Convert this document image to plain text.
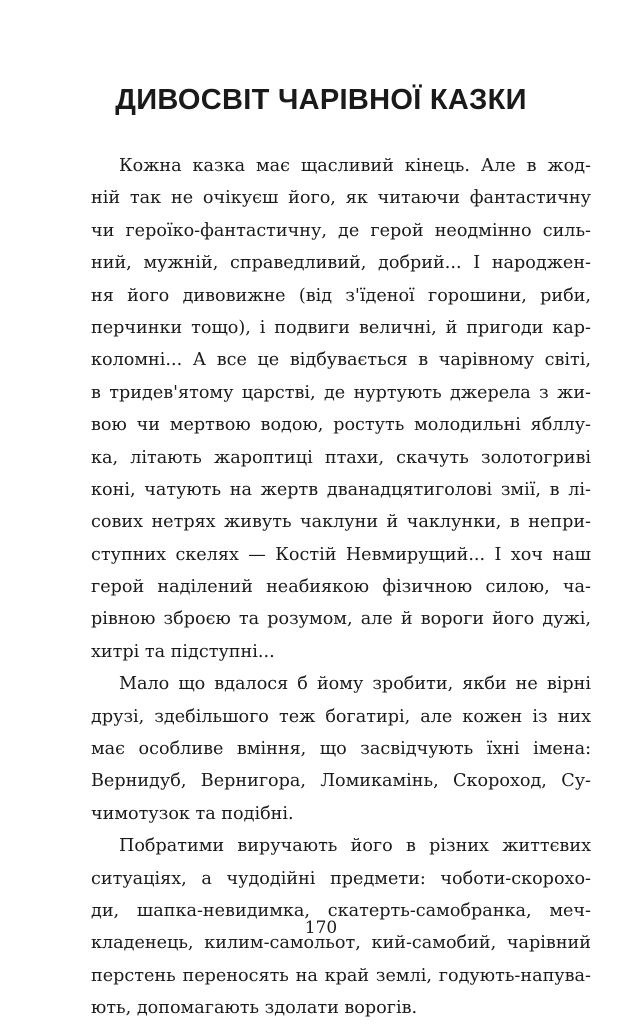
ДИВОСВІТ ЧАРІВНОЇ КАЗКИ
Кожна казка має щасливий кінець. Але в жод-
ній так не очікуєш його, як читаючи фантастичну
чи героїко-фантастичну, де герой неодмінно силь-
ний, мужній, справедливий, добрий... І народжен-
ня його дивовижне (від з'їденої горошини, риби,
перчинки тощо), і подвиги величні, й пригоди кар-
коломні... А все це відбувається в чарівному світі,
в тридев'ятому царстві, де нуртують джерела з жи-
вою чи мертвою водою, ростуть молодильні ябллу-
ка, літають жароптиці птахи, скачуть золотогриві
коні, чатують на жертв дванадцятиголові змії, в лі-
сових нетрях живуть чаклуни й чаклунки, в непри-
ступних скелях — Костій Невмирущий... І хоч наш
герой наділений неабиякою фізичною силою, ча-
рівною зброєю та розумом, але й вороги його дужі,
хитрі та підступні...
Мало що вдалося б йому зробити, якби не вірні
друзі, здебільшого теж богатирі, але кожен із них
має особливе вміння, що засвідчують їхні імена:
Вернидуб, Вернигора, Ломикамінь, Скороход, Су-
чимотузок та подібні.
Побратими виручають його в різних життєвих
ситуаціях, а чудодійні предмети: чоботи-скорохо-
ди, шапка-невидимка, скатерть-самобранка, меч-
кладенець, килим-самольот, кий-самобий, чарівний
перстень переносять на край землі, годують-напува-
ють, допомагають здолати ворогів.
170
